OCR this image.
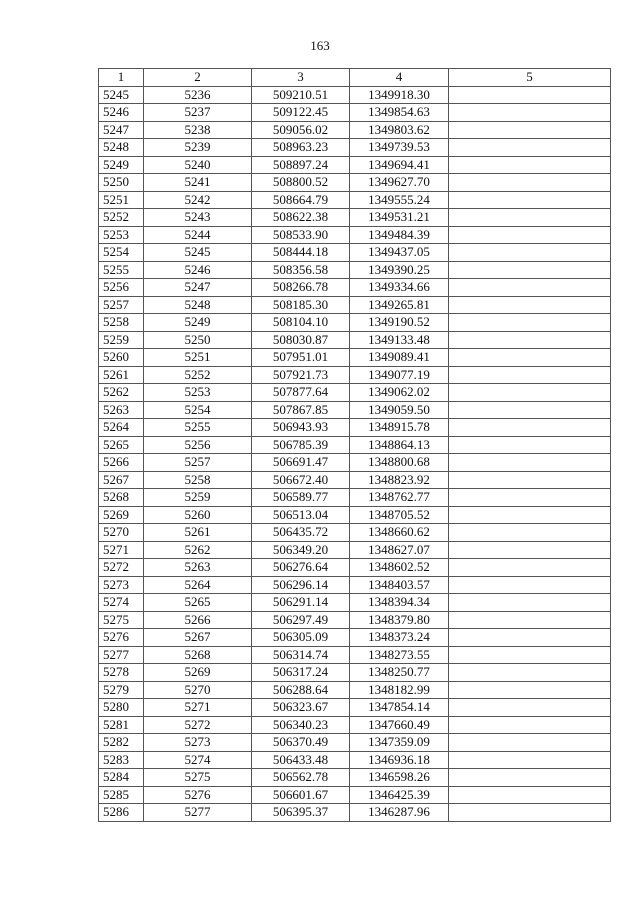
163
1	2	3	4	5
5245	5236	509210.51	1349918.30	
5246	5237	509122.45	1349854.63	
5247	5238	509056.02	1349803.62	
5248	5239	508963.23	1349739.53	
5249	5240	508897.24	1349694.41	
5250	5241	508800.52	1349627.70	
5251	5242	508664.79	1349555.24	
5252	5243	508622.38	1349531.21	
5253	5244	508533.90	1349484.39	
5254	5245	508444.18	1349437.05	
5255	5246	508356.58	1349390.25	
5256	5247	508266.78	1349334.66	
5257	5248	508185.30	1349265.81	
5258	5249	508104.10	1349190.52	
5259	5250	508030.87	1349133.48	
5260	5251	507951.01	1349089.41	
5261	5252	507921.73	1349077.19	
5262	5253	507877.64	1349062.02	
5263	5254	507867.85	1349059.50	
5264	5255	506943.93	1348915.78	
5265	5256	506785.39	1348864.13	
5266	5257	506691.47	1348800.68	
5267	5258	506672.40	1348823.92	
5268	5259	506589.77	1348762.77	
5269	5260	506513.04	1348705.52	
5270	5261	506435.72	1348660.62	
5271	5262	506349.20	1348627.07	
5272	5263	506276.64	1348602.52	
5273	5264	506296.14	1348403.57	
5274	5265	506291.14	1348394.34	
5275	5266	506297.49	1348379.80	
5276	5267	506305.09	1348373.24	
5277	5268	506314.74	1348273.55	
5278	5269	506317.24	1348250.77	
5279	5270	506288.64	1348182.99	
5280	5271	506323.67	1347854.14	
5281	5272	506340.23	1347660.49	
5282	5273	506370.49	1347359.09	
5283	5274	506433.48	1346936.18	
5284	5275	506562.78	1346598.26	
5285	5276	506601.67	1346425.39	
5286	5277	506395.37	1346287.96	
